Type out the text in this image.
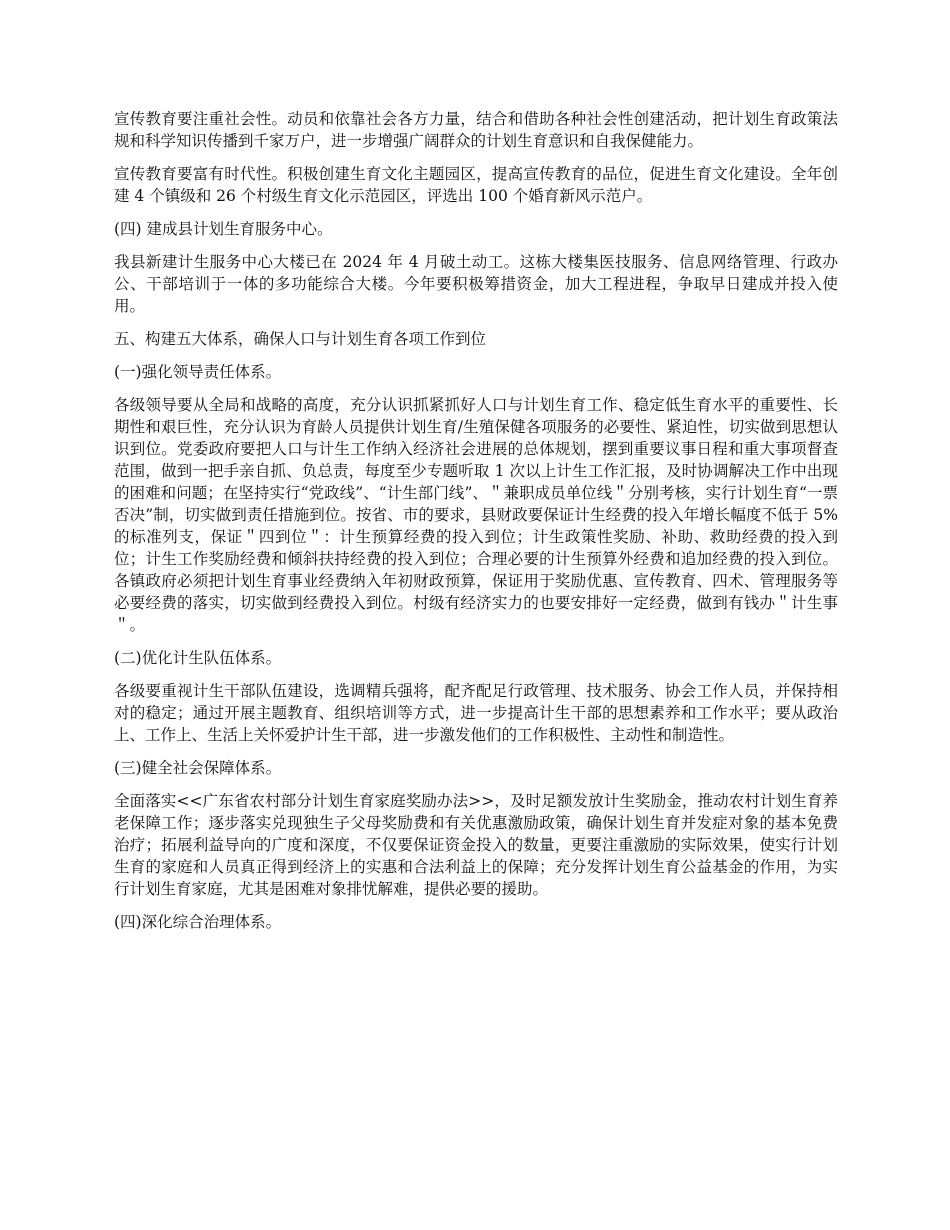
宣传教育要注重社会性。动员和依靠社会各方力量，结合和借助各种社会性创建活动，把计划生育政策法规和科学知识传播到千家万户，进一步增强广阔群众的计划生育意识和自我保健能力。

宣传教育要富有时代性。积极创建生育文化主题园区，提高宣传教育的品位，促进生育文化建设。全年创建 4 个镇级和 26 个村级生育文化示范园区，评选出 100 个婚育新风示范户。

(四) 建成县计划生育服务中心。

我县新建计生服务中心大楼已在 2024 年 4 月破土动工。这栋大楼集医技服务、信息网络管理、行政办公、干部培训于一体的多功能综合大楼。今年要积极筹措资金，加大工程进程，争取早日建成并投入使用。

五、构建五大体系，确保人口与计划生育各项工作到位

(一)强化领导责任体系。

各级领导要从全局和战略的高度，充分认识抓紧抓好人口与计划生育工作、稳定低生育水平的重要性、长期性和艰巨性，充分认识为育龄人员提供计划生育/生殖保健各项服务的必要性、紧迫性，切实做到思想认识到位。党委政府要把人口与计生工作纳入经济社会进展的总体规划，摆到重要议事日程和重大事项督查范围，做到一把手亲自抓、负总责，每度至少专题听取 1 次以上计生工作汇报，及时协调解决工作中出现的困难和问题；在坚持实行“党政线”、“计生部门线”、＂兼职成员单位线＂分别考核，实行计划生育“一票否决”制，切实做到责任措施到位。按省、市的要求，县财政要保证计生经费的投入年增长幅度不低于 5%的标准列支，保证＂四到位＂：计生预算经费的投入到位；计生政策性奖励、补助、救助经费的投入到位；计生工作奖励经费和倾斜扶持经费的投入到位；合理必要的计生预算外经费和追加经费的投入到位。各镇政府必须把计划生育事业经费纳入年初财政预算，保证用于奖励优惠、宣传教育、四术、管理服务等必要经费的落实，切实做到经费投入到位。村级有经济实力的也要安排好一定经费，做到有钱办＂计生事＂。

(二)优化计生队伍体系。

各级要重视计生干部队伍建设，选调精兵强将，配齐配足行政管理、技术服务、协会工作人员，并保持相对的稳定；通过开展主题教育、组织培训等方式，进一步提高计生干部的思想素养和工作水平；要从政治上、工作上、生活上关怀爱护计生干部，进一步激发他们的工作积极性、主动性和制造性。

(三)健全社会保障体系。

全面落实<<广东省农村部分计划生育家庭奖励办法>>，及时足额发放计生奖励金，推动农村计划生育养老保障工作；逐步落实兑现独生子父母奖励费和有关优惠激励政策，确保计划生育并发症对象的基本免费治疗；拓展利益导向的广度和深度，不仅要保证资金投入的数量，更要注重激励的实际效果，使实行计划生育的家庭和人员真正得到经济上的实惠和合法利益上的保障；充分发挥计划生育公益基金的作用，为实行计划生育家庭，尤其是困难对象排忧解难，提供必要的援助。

(四)深化综合治理体系。
